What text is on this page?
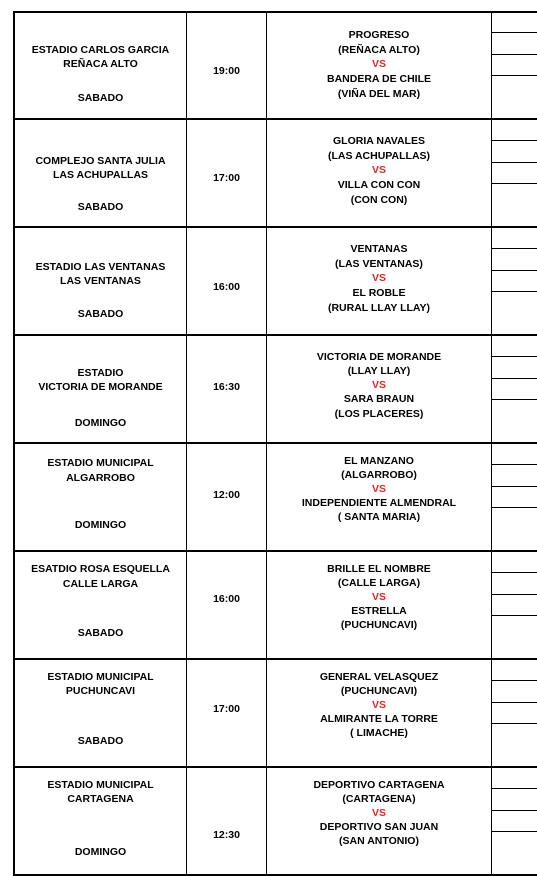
ESTADIO CARLOS GARCIA
REÑACA ALTO
SABADO
19:00
PROGRESO
(REÑACA ALTO)
VS
BANDERA DE CHILE
(VIÑA DEL MAR)
COMPLEJO SANTA JULIA
LAS ACHUPALLAS
SABADO
17:00
GLORIA NAVALES
(LAS ACHUPALLAS)
VS
VILLA CON CON
(CON CON)
ESTADIO LAS VENTANAS
LAS VENTANAS
SABADO
16:00
VENTANAS
(LAS VENTANAS)
VS
EL ROBLE
(RURAL LLAY LLAY)
ESTADIO
VICTORIA DE MORANDE
DOMINGO
16:30
VICTORIA DE MORANDE
(LLAY LLAY)
VS
SARA BRAUN
(LOS PLACERES)
ESTADIO MUNICIPAL
ALGARROBO
DOMINGO
12:00
EL MANZANO
(ALGARROBO)
VS
INDEPENDIENTE ALMENDRAL
( SANTA MARIA)
ESATDIO ROSA ESQUELLA
CALLE LARGA
SABADO
16:00
BRILLE EL NOMBRE
(CALLE LARGA)
VS
ESTRELLA
(PUCHUNCAVI)
ESTADIO MUNICIPAL
PUCHUNCAVI
SABADO
17:00
GENERAL VELASQUEZ
(PUCHUNCAVI)
VS
ALMIRANTE LA TORRE
( LIMACHE)
ESTADIO MUNICIPAL
CARTAGENA
DOMINGO
12:30
DEPORTIVO CARTAGENA
(CARTAGENA)
VS
DEPORTIVO SAN JUAN
(SAN ANTONIO)
